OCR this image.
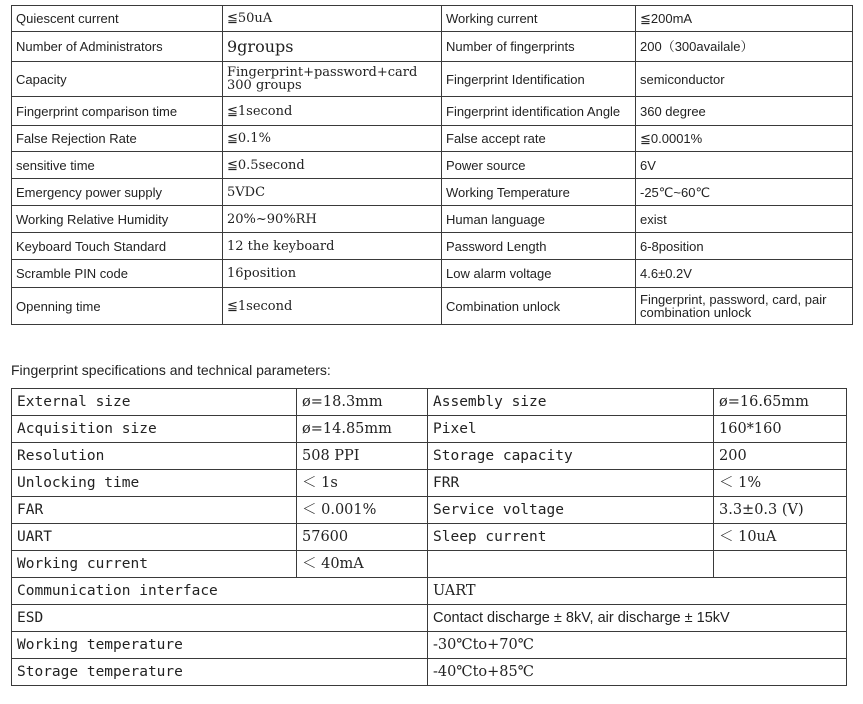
Quiescent current	≦50uA	Working current	≦200mA
Number of Administrators	9groups	Number of fingerprints	200（300availale）
Capacity	Fingerprint+password+card 300 groups	Fingerprint Identification	semiconductor
Fingerprint comparison time	≦1second	Fingerprint identification Angle	360 degree
False Rejection Rate	≦0.1%	False accept rate	≦0.0001%
sensitive time	≦0.5second	Power source	6V
Emergency power supply	5VDC	Working Temperature	-25℃~60℃
Working Relative Humidity	20%~90%RH	Human language	exist
Keyboard Touch Standard	12 the keyboard	Password Length	6-8position
Scramble PIN code	16position	Low alarm voltage	4.6±0.2V
Openning time	≦1second	Combination unlock	Fingerprint, password, card, pair combination unlock
Fingerprint specifications and technical parameters:
External size	ø=18.3mm	Assembly size	ø=16.65mm
Acquisition size	ø=14.85mm	Pixel	160*160
Resolution	508 PPI	Storage capacity	200
Unlocking time	＜ 1s	FRR	＜ 1%
FAR	＜ 0.001%	Service voltage	3.3±0.3 (V)
UART	57600	Sleep current	＜ 10uA
Working current	＜ 40mA		
Communication interface		UART	
ESD		Contact discharge ± 8kV, air discharge ± 15kV	
Working temperature		-30℃to+70℃	
Storage temperature		-40℃to+85℃	
